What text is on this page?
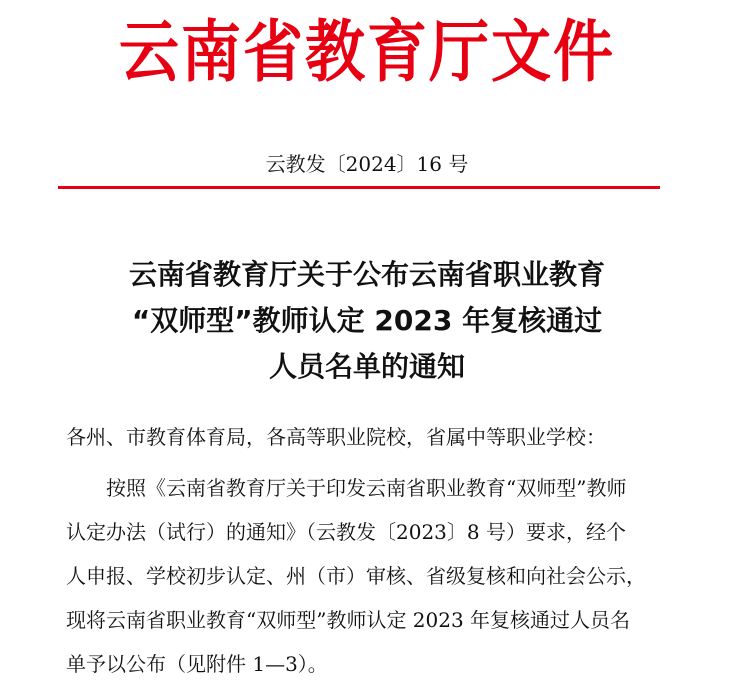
云南省教育厅文件
云教发〔2024〕16 号
云南省教育厅关于公布云南省职业教育
“双师型”教师认定 2023 年复核通过
人员名单的通知
各州、市教育体育局，各高等职业院校，省属中等职业学校：
按照《云南省教育厅关于印发云南省职业教育“双师型”教师
认定办法（试行）的通知》（云教发〔2023〕8 号）要求，经个
人申报、学校初步认定、州（市）审核、省级复核和向社会公示，
现将云南省职业教育“双师型”教师认定 2023 年复核通过人员名
单予以公布（见附件 1—3）。
